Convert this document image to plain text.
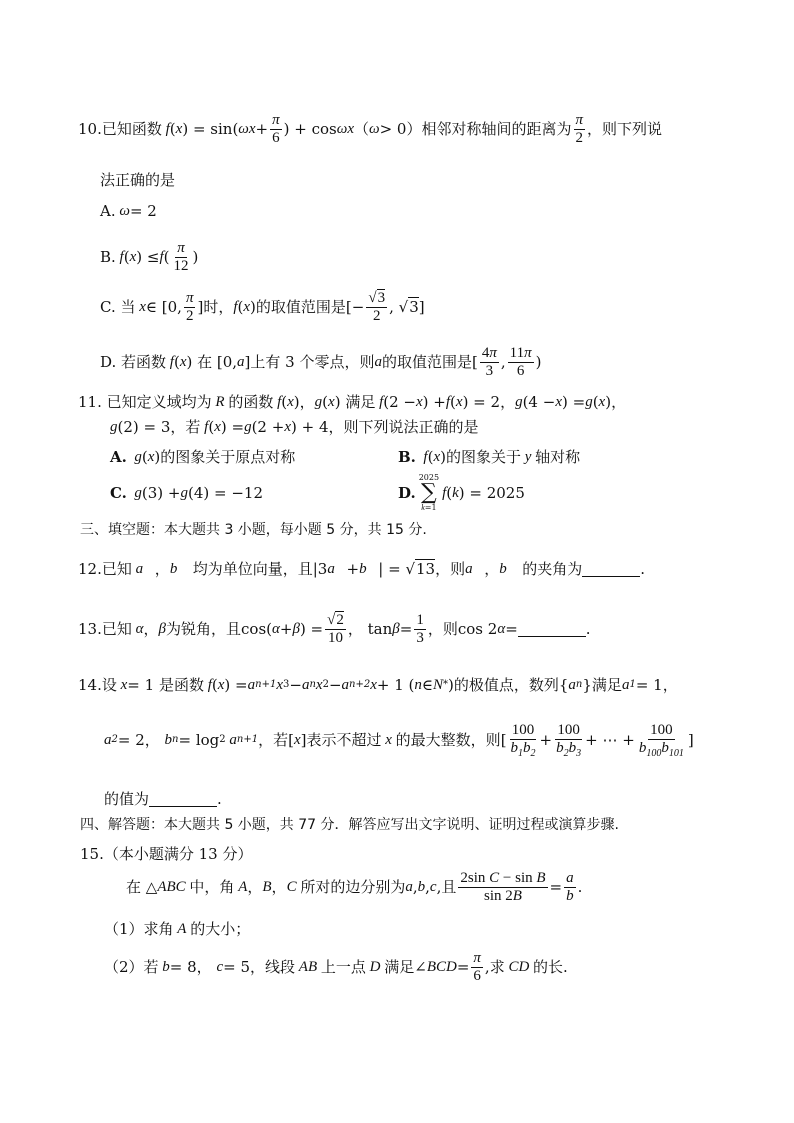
10. 已知函数 f ( x ) = sin( $\omega x + \frac{\pi}{6}$ ) + cos ωx （ ω > 0） 相邻对称轴间的距离为 $\frac{\pi}{2}$ ，则下列说
法正确的是
A. ω = 2
B. f ( x ) ≤ f ( $\frac{\pi}{12}$ )
C. 当 x ∈ [0, $\frac{\pi}{2}$ ] 时， f ( x ) 的取值范围是 [− $\frac{√3}{2}$ , √3]
D. 若函数 f ( x ) 在 [0, a ] 上有 3 个零点，则 a 的取值范围是 [ $\frac{4\pi}{3}$ , $\frac{11\pi}{6}$ )
11.
已知定义域均为 R 的函数 f ( x )， g ( x ) 满足 f (2 − x ) + f ( x ) = 2， g (4 − x ) = g ( x )，
g (2) = 3 ，若 f ( x ) = g (2 + x ) + 4 ，则下列说法正确的是
A. g ( x ) 的图象关于原点对称	B. f ( x ) 的图象关于 y 轴对称
C. g (3) + g (4) = −12	D.
2025
∑
k=1
f ( k ) = 2025
三、填空题：本大题共 3 小题，每小题 5 分，共 15 分.
12. 已知 a⃗ ， b⃗ 均为单位向量，且 |3 a⃗ + b⃗ | = √13 ，则 a⃗ ， b⃗ 的夹角为	.
13. 已知 α ， β 为锐角，且 cos( α + β ) = $\frac{√2}{10}$ ， $\tan \beta = \frac{1}{3}$ ，则 cos 2 α =	.
14. 设 x = 1 是函数 f ( x ) = a n+1 x 3 − a n x 2 − a n+2 x + 1 ( n ∈ N * ) 的极值点，数列 { a n } 满足 a 1 = 1，
a 2 = 2， b n = log 2 a n+1 ，若 [ x ] 表示不超过 x 的最大整数，则 [ $\frac{100}{b_1b_2} + \frac{100}{b_2b_3}$ + ⋯ + $\frac{100}{b_{100}b_{101}}$ ]
的值为	.
四、解答题：本大题共 5 小题，共 77 分．解答应写出文字说明、证明过程或演算步骤.
15.（本小题满分 13 分）
在 △ ABC 中，角 A ， B ， C 所对的边分别为 a , b , c , 且 $\frac{\text{2sin C − sin B}}{\sin 2B} = \frac{a}{b}$ .
（1）求角 A 的大小；
（2）若 b = 8， c = 5 ，线段 AB 上一点 D 满足 ∠ BCD = $\frac{\pi}{6}$ , 求 CD 的长.
